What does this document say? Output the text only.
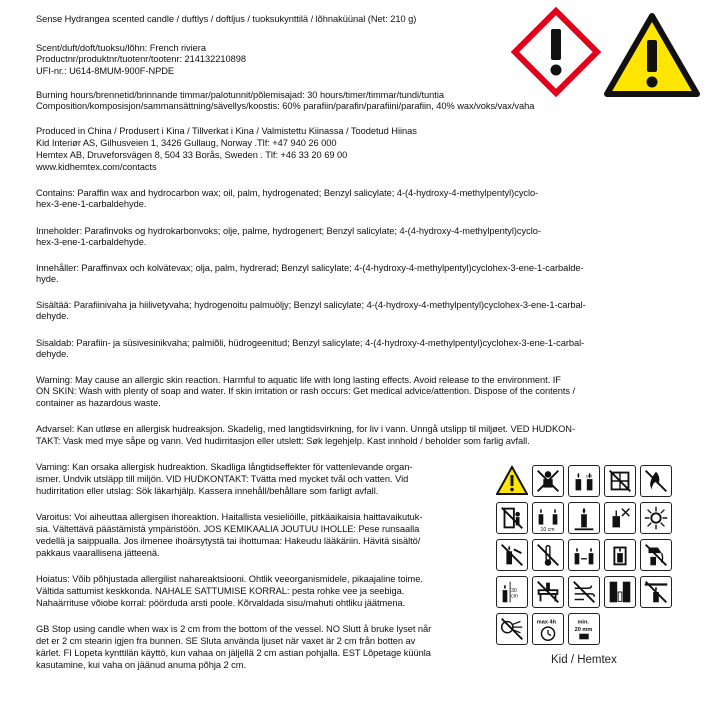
Sense Hydrangea scented candle / duftlys / doftljus / tuoksukynttilä / lõhnaküünal (Net: 210 g)
Scent/duft/doft/tuoksu/lõhn: French riviera
Productnr/produktnr/tuotenr/tootenr: 214132210898
UFI-nr.: U614-8MUM-900F-NPDE
Burning hours/brennetid/brinnande timmar/palotunnit/põlemisajad: 30 hours/timer/timmar/tundi/tuntia
Composition/komposisjon/sammansättning/sävellys/koostis: 60% parafiin/parafin/parafiini/parafiin, 40% wax/voks/vax/vaha
Produced in China / Produsert i Kina / Tillverkat i Kina / Valmistettu Kiinassa / Toodetud Hiinas
Kid Interiør AS, Gilhusveien 1, 3426 Gullaug, Norway .Tlf: +47 940 26 000
Hemtex AB, Druveforsvägen 8, 504 33 Borås, Sweden . Tlf: +46 33 20 69 00
www.kidhemtex.com/contacts
Contains: Paraffin wax and hydrocarbon wax; oil, palm, hydrogenated; Benzyl salicylate; 4-(4-hydroxy-4-methylpentyl)cyclo-
hex-3-ene-1-carbaldehyde.
Inneholder: Parafinvoks og hydrokarbonvoks; olje, palme, hydrogenert; Benzyl salicylate; 4-(4-hydroxy-4-methylpentyl)cyclo-
hex-3-ene-1-carbaldehyde.
Innehåller: Paraffinvax och kolvätevax; olja, palm, hydrerad; Benzyl salicylate; 4-(4-hydroxy-4-methylpentyl)cyclohex-3-ene-1-carbalde-
hyde.
Sisältää: Parafiinivaha ja hiilivetyvaha; hydrogenoitu palmuöljy; Benzyl salicylate; 4-(4-hydroxy-4-methylpentyl)cyclohex-3-ene-1-carbal-
dehyde.
Sisaldab: Parafiin- ja süsivesinikvaha; palmiõli, hüdrogeenitud; Benzyl salicylate; 4-(4-hydroxy-4-methylpentyl)cyclohex-3-ene-1-carbal-
dehyde.
Warning: May cause an allergic skin reaction. Harmful to aquatic life with long lasting effects. Avoid release to the environment. IF
ON SKIN: Wash with plenty of soap and water. If skin irritation or rash occurs: Get medical advice/attention. Dispose of the contents /
container as hazardous waste.
Advarsel: Kan utløse en allergisk hudreaksjon. Skadelig, med langtidsvirkning, for liv i vann. Unngå utslipp til miljøet. VED HUDKON-
TAKT: Vask med mye såpe og vann. Ved hudirritasjon eller utslett: Søk legehjelp. Kast innhold / beholder som farlig avfall.
Varning: Kan orsaka allergisk hudreaktion. Skadliga långtidseffekter för vattenlevande organ-
ismer. Undvik utsläpp till miljön. VID HUDKONTAKT: Tvätta med mycket tvål och vatten. Vid
hudirritation eller utslag: Sök läkarhjälp. Kassera innehåll/behållare som farligt avfall.
Varoitus: Voi aiheuttaa allergisen ihoreaktion. Haitallista vesieliöille, pitkäaikaisia haittavaikutuk-
sia. Vältettävä päästämistä ympäristöön. JOS KEMIKAALIA JOUTUU IHOLLE: Pese runsaalla
vedellä ja saippualla. Jos ilmenee ihoärsytystä tai ihottumaa: Hakeudu lääkäriin. Hävitä sisältö/
pakkaus vaarallisena jätteenä.
Hoiatus: Võib põhjustada allergilist nahareaktsiooni. Ohtlik veeorganismidele, pikaajaline toime.
Vältida sattumist keskkonda. NAHALE SATTUMISE KORRAL: pesta rohke vee ja seebiga.
Nahaärrituse võiobe korral: pöörduda arsti poole. Kõrvaldada sisu/mahuti ohtliku jäätmena.
GB Stop using candle when wax is 2 cm from the bottom of the vessel. NO Slutt å bruke lyset når
det er 2 cm stearin igjen fra bunnen. SE Sluta använda ljuset när vaxet är 2 cm från botten av
kärlet. FI Lopeta kynttilän käyttö, kun vahaa on jäljellä 2 cm astian pohjalla. EST Lõpetage küünla
kasutamine, kui vaha on jäänud anuma põhja 2 cm.
cm
10 cm
30
cm
max 4h	min.
20 mm
Kid / Hemtex
